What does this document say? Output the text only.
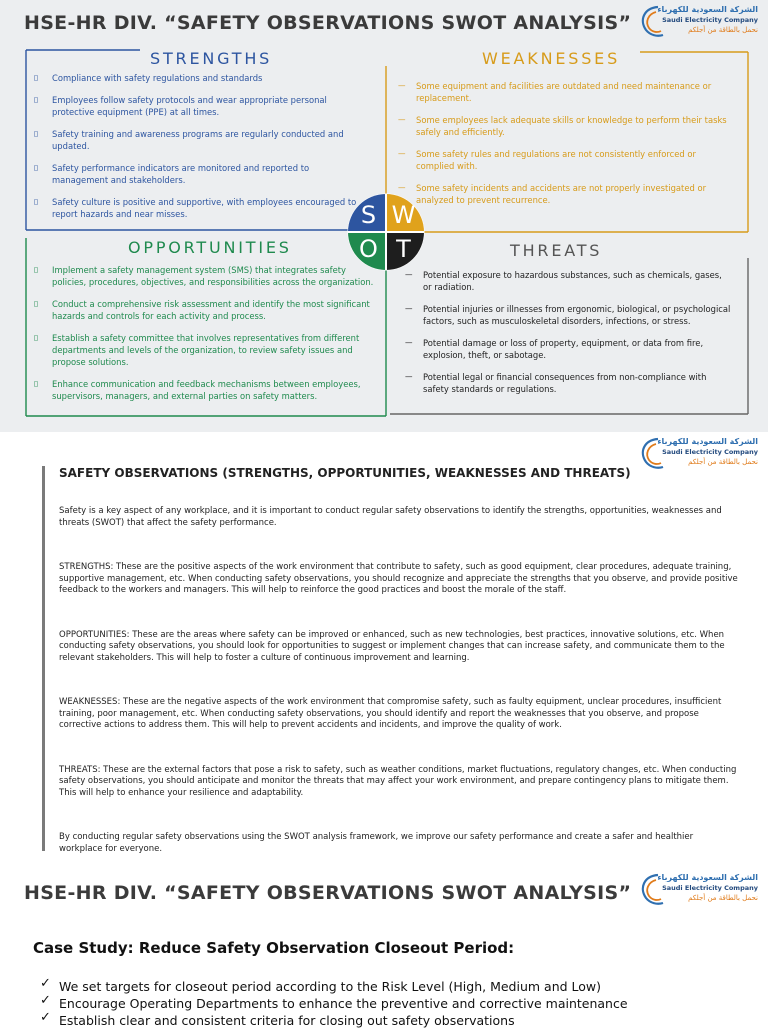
HSE-HR DIV. “SAFETY OBSERVATIONS SWOT ANALYSIS”
الشركة السعودية للكهرباء
Saudi Electricity Company
نحمل بالطاقة من أجلكم
STRENGTHS	WEAKNESSES
OPPORTUNITIES	THREATS
▯ Compliance with safety regulations and standards
▯ Employees follow safety protocols and wear appropriate personal protective equipment (PPE) at all times.
▯ Safety training and awareness programs are regularly conducted and updated.
▯ Safety performance indicators are monitored and reported to management and stakeholders.
▯ Safety culture is positive and supportive, with employees encouraged to report hazards and near misses.
— Some equipment and facilities are outdated and need maintenance or replacement.
— Some employees lack adequate skills or knowledge to perform their tasks safely and efficiently.
— Some safety rules and regulations are not consistently enforced or complied with.
— Some safety incidents and accidents are not properly investigated or analyzed to prevent recurrence.
▯ Implement a safety management system (SMS) that integrates safety policies, procedures, objectives, and responsibilities across the organization.
▯ Conduct a comprehensive risk assessment and identify the most significant hazards and controls for each activity and process.
▯ Establish a safety committee that involves representatives from different departments and levels of the organization, to review safety issues and propose solutions.
▯ Enhance communication and feedback mechanisms between employees, supervisors, managers, and external parties on safety matters.
— Potential exposure to hazardous substances, such as chemicals, gases, or radiation.
— Potential injuries or illnesses from ergonomic, biological, or psychological factors, such as musculoskeletal disorders, infections, or stress.
— Potential damage or loss of property, equipment, or data from fire, explosion, theft, or sabotage.
— Potential legal or financial consequences from non-compliance with safety standards or regulations.
S W
O T
الشركة السعودية للكهرباء
Saudi Electricity Company
نحمل بالطاقة من أجلكم
SAFETY OBSERVATIONS (STRENGTHS, OPPORTUNITIES, WEAKNESSES AND THREATS)

Safety is a key aspect of any workplace, and it is important to conduct regular safety observations to identify the strengths, opportunities, weaknesses and threats (SWOT) that affect the safety performance.

STRENGTHS: These are the positive aspects of the work environment that contribute to safety, such as good equipment, clear procedures, adequate training, supportive management, etc. When conducting safety observations, you should recognize and appreciate the strengths that you observe, and provide positive feedback to the workers and managers. This will help to reinforce the good practices and boost the morale of the staff.

OPPORTUNITIES: These are the areas where safety can be improved or enhanced, such as new technologies, best practices, innovative solutions, etc. When conducting safety observations, you should look for opportunities to suggest or implement changes that can increase safety, and communicate them to the relevant stakeholders. This will help to foster a culture of continuous improvement and learning.

WEAKNESSES: These are the negative aspects of the work environment that compromise safety, such as faulty equipment, unclear procedures, insufficient training, poor management, etc. When conducting safety observations, you should identify and report the weaknesses that you observe, and propose corrective actions to address them. This will help to prevent accidents and incidents, and improve the quality of work.

THREATS: These are the external factors that pose a risk to safety, such as weather conditions, market fluctuations, regulatory changes, etc. When conducting safety observations, you should anticipate and monitor the threats that may affect your work environment, and prepare contingency plans to mitigate them. This will help to enhance your resilience and adaptability.

By conducting regular safety observations using the SWOT analysis framework, we improve our safety performance and create a safer and healthier workplace for everyone.

HSE-HR DIV. “SAFETY OBSERVATIONS SWOT ANALYSIS”
الشركة السعودية للكهرباء
Saudi Electricity Company
نحمل بالطاقة من أجلكم
Case Study: Reduce Safety Observation Closeout Period:
✓ We set targets for closeout period according to the Risk Level (High, Medium and Low)
✓ Encourage Operating Departments to enhance the preventive and corrective maintenance
✓ Establish clear and consistent criteria for closing out safety observations
